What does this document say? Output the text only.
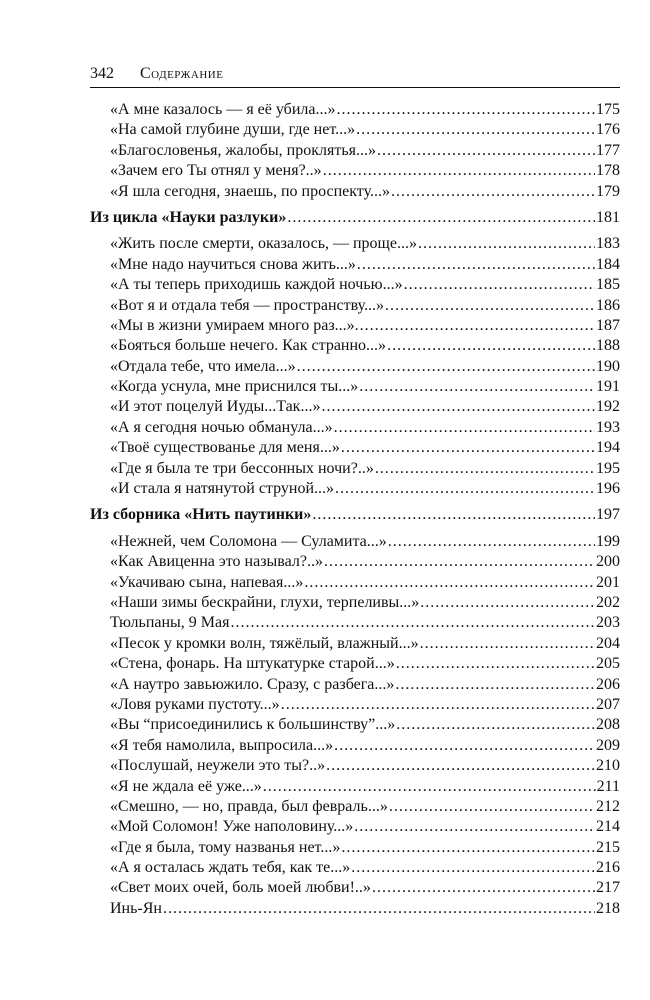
342 Содержание
«А мне казалось — я её убила...» .....	175
«На самой глубине души, где нет...» .....	176
«Благословенья, жалобы, проклятья...» .....	177
«Зачем его Ты отнял у меня?..» .....	178
«Я шла сегодня, знаешь, по проспекту...» .....	179
Из цикла «Науки разлуки» .....	181
«Жить после смерти, оказалось, — проще...» .....	183
«Мне надо научиться снова жить...» .....	184
«А ты теперь приходишь каждой ночью...» .....	185
«Вот я и отдала тебя — пространству...» .....	186
«Мы в жизни умираем много раз...». .....	187
«Бояться больше нечего. Как странно...» .....	188
«Отдала тебе, что имела...» .....	190
«Когда уснула, мне приснился ты...» .....	191
«И этот поцелуй Иуды...Так...» .....	192
«А я сегодня ночью обманула...» .....	193
«Твоё существованье для меня...» .....	194
«Где я была те три бессонных ночи?..» .....	195
«И стала я натянутой струной...» .....	196
Из сборника «Нить паутинки» .....	197
«Нежней, чем Соломона — Суламита...» .....	199
«Как Авиценна это называл?..» .....	200
«Укачиваю сына, напевая...» .....	201
«Наши зимы бескрайни, глухи, терпеливы...» .....	202
Тюльпаны, 9 Мая .....	203
«Песок у кромки волн, тяжёлый, влажный...» .....	204
«Стена, фонарь. На штукатурке старой...» .....	205
«А наутро завьюжило. Сразу, с разбега...» .....	206
«Ловя руками пустоту...» .....	207
«Вы “присоединились к большинству”...» .....	208
«Я тебя намолила, выпросила...» .....	209
«Послушай, неужели это ты?..» .....	210
«Я не ждала её уже...» .....	211
«Смешно, — но, правда, был февраль...» .....	212
«Мой Соломон! Уже наполовину...» .....	214
«Где я была, тому названья нет...» .....	215
«А я осталась ждать тебя, как те...» .....	216
«Свет моих очей, боль моей любви!..» .....	217
Инь-Ян .....	218
